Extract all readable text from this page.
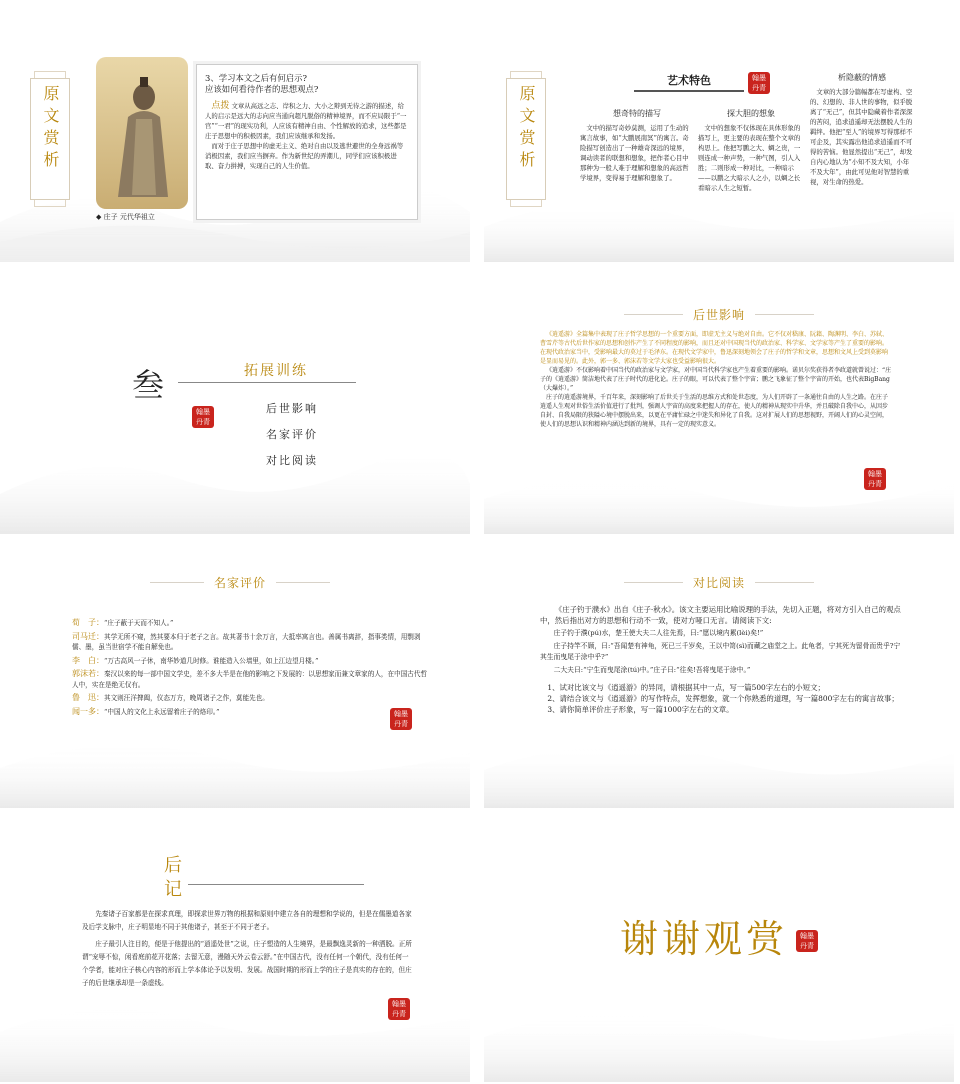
原文赏析
◆ 庄子 元代华祖立
3、学习本文之后有何启示?
应该如何看待作者的思想观点?
点拨 文章从高远之志、岸积之力、大小之辩到无待之游的描述，给人的启示是远大的志向应当通向超凡脱俗的精神境界，而不应局限于“一官”“一君”的现实功利，人应该有精神自由、个性解放的追求，这些都是庄子思想中的积极因素，我们应该继承和发扬。
而对于庄子思想中的虚无主义、绝对自由以及逃世避世的全身远祸等消极因素，我们应当摒弃。作为新世纪的弄潮儿，同学们应该积极进取、奋力拼搏，实现自己的人生价值。	原文赏析
艺术特色	翰墨丹青
想奇特的描写
文中的描写奇妙莫测，运用了生动的寓言故事，如“大鹏展南冥”的寓言。奇险描写创造出了一种雄奇深远的境界，调动读者的联想和想象，把作者心目中那种为一般人难于理解和想象的高远哲学境界，变得易于理解和想象了。
探大胆的想象
文中的想象不仅体现在具体形象的描写上，更主要的表现在整个文章的构思上。他把写鹏之大、蜩之贵，一则连成一种声势，一种气图，引人入胜；二则形成一种对比，一种暗示——以鹏之大暗示人之小，以蜩之长看暗示人生之短暂。
析隐蔽的情感
文章的大部分篇幅都在写虚构、空的、幻想的、非人世的事物，似乎脱离了“无己”，但其中隐藏着作者深深的苦闷，追求逍遥却无法摆脱人生的羁绊。他把“至人”的境界写得那样不可企及，其实露出他追求逍遥而不可得的苦恼。他显然提出“无己”，却发自内心地认为“小知不及大知，小年不及大年”，由此可见他对智慧的重视，对生命的热爱。
叁	拓展训练
翰墨丹青
后世影响
名家评价
对比阅读
后世影响

《逍遥游》全篇集中表现了庄子哲学思想的一个重要方面，即虚无主义与绝对自由。它不仅对嵇康、阮籍、陶渊明、李白、苏轼、曹雪芹等古代后世作家的思想和创作产生了不同程度的影响，而且还对中国现当代的政治家、科学家、文学家等产生了重要的影响。在现代政治家当中，受影响最大的莫过于毛泽东。在现代文学家中，鲁迅深刻地领会了庄子的哲学和文章，思想和文风上受到莫影响是显而易见的。此外，郭一多、郭沫若等文学大家也受益影响很大。

《逍遥游》不仅影响着中国当代的政治家与文学家，对中国当代科学家也产生着重要的影响。诺贝尔奖获得者李政道就曾说过：“庄子的《逍遥游》简洁地代表了庄子时代的进化论。庄子的眼，可以代表了整个宇宙；鹏之飞象征了整个宇宙的开始，也代表BigBang（大爆炸）。”

庄子的逍遥游境界，千百年来，深刻影响了后世关于生活的思维方式和处世态度，为人们开辟了一条通往自由的人生之路。在庄子逍遥人生观对世俗生活价值进行了批判，强调人宇宙的高度来把握人的存在，使人的精神从现实中升华，并且破除自我中心，从因步自封、自我局限的狭隘心境中摆脱出来，以更在平庸忙碌之中迷失和异化了自我。这对扩展人们的思想视野，开阔人们的心灵空间，使人们的思想认识和精神内涵达到新的境界，具有一定的现实意义。

翰墨丹青
名家评价
荀　子：“庄子蔽于天而不知人。”
司马迁：其学无所不窥，然其要本归于老子之言。故其著书十余万言，大抵率寓言也。善属书离辞，指事类情，用剽剥儒、墨，虽当世宿学不能自解免也。
李　白：“万古高风一子休，南华妙道几时修。谁能造入公墙里，如上江边望月楼。”
郭沫若：秦汉以来的每一部中国文学史，差不多大半是在他的影响之下发展的：以思想家而兼文章家的人，在中国古代哲人中，实在是绝无仅有。
鲁　迅：其文则汪洋捭阖，仪态万方，晚周诸子之作，莫能先也。
闻一多：“中国人的文化上永远留着庄子的烙印。”	翰墨丹青
对比阅读

《庄子钓于濮水》出自《庄子·秋水》。该文主要运用比喻说理的手法，先切入正题，将对方引入自己的观点中，然后指出对方的思想和行动不一致，使对方哑口无言。请阅读下文:

庄子钓于濮(pú)水，楚王使大夫二人往先焉，曰:“愿以境内累(lèi)矣!”

庄子持竿不顾，曰:“吾闻楚有神龟，死已三千岁矣，王以中笥(sì)而藏之庙堂之上。此龟者，宁其死为留骨而贵乎?宁其生而曳尾于涂中乎?”

二大夫曰:“宁生而曳尾涂(tú)中。”庄子曰:“往矣!吾将曳尾于涂中。”

1、试对比该文与《逍遥游》的异同，请根据其中一点，写一篇500字左右的小短文；

2、请结合该文与《逍遥游》的写作特点，发挥想象，就一个你熟悉的道理，写一篇800字左右的寓言故事；

3、请你简单评价庄子形象，写一篇1000字左右的文章。

后记

先秦诸子百家都是在探求真理，即探求世界万物的根据和原则中建立各自的理想和学说的，但是在儒墨道各家及后学支脉中，庄子明显地不同于其他诸子，甚至于不同于老子。

庄子最引人注目的，便是于他提出的“逍遥处世”之说，庄子塑造的人生境界，是最飘逸灵新的一种洒脱。正所谓“宠辱不惊，闲看庭前花开花落；去留无意，漫随天外云卷云舒。”在中国古代，没有任何一个朝代，没有任何一个学者，能对庄子核心内容的形而上学本体论予以发明、发展。战国时期的形而上学的庄子是真实的存在的，但庄子的后世继承却是一条虚线。

翰墨丹青
谢谢观赏	翰墨丹青
